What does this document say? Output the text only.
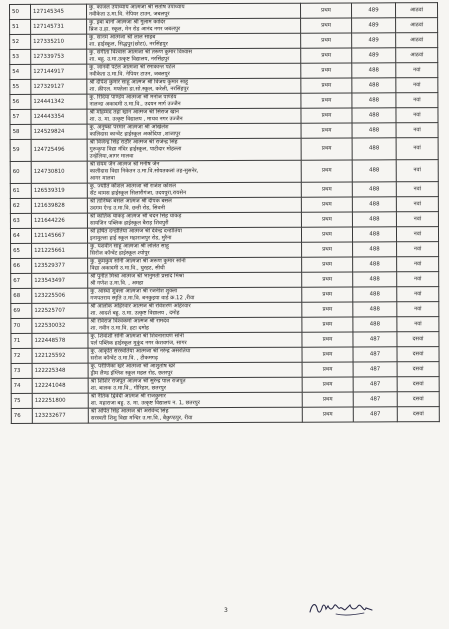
50	127145345	कु. काजल उपाध्याय आत्मजा श्री संतोष उपाध्याय
नवीकेता उ.मा.वि. नेपियर टाउन, जबलपुर	प्रथम	489	आठवां
51	127145731	कु. इबा बानो आत्मजा श्री गुलाम कादिर
ब्रिज उ.हा. स्कूल, मेन रोड आनंद नगर जबलपुर	प्रथम	489	आठवां
52	127335210	कु. सानम आत्मजा श्री लाल साहब
शा. हाईस्कूल, सिद्धपुर(छोटा), नरसिंहपुर	प्रथम	489	आठवां
53	127339753	कु. संगीता विश्वास आत्मजा श्री तरूण कुमार विश्वास
शा. बहु. उ.मा.उत्कृष्ट विद्यालय, नरसिंहपुर	प्रथम	489	आठवां
54	127144917	कु. जानवी पटेल आत्मजा श्री रमाकान्त पटेल
नवीकेता उ.मा.वि. नेपियर टाउन, जबलपुर	प्रथम	488	नवां
55	127329127	श्री दीपेश कुमार साहू आत्मज श्री विजय कुमार साहू
शा. क्रीएल. मफ्तेला डा.सो.स्कूल, करेली, नरसिंहपुर	प्रथम	488	नवां
56	124441342	कु. रिदिया पाण्डेय आत्मजा श्री मनोज पाण्डेय
नालन्दा अकादमी उ.मा.वि., उदयन मार्ग उज्जैन	प्रथम	488	नवां
57	124443354	श्री मोहम्मद तहा खान आत्मज श्री सिराज खान
शा. उ. मा. उत्कृष्ट विद्यालय , माधव नगर उज्जैन	प्रथम	488	नवां
58	124529824	कु. अनुष्का परमार आत्मजा श्री अखिलेश
कालिदास कान्वेंट हाईस्कूल अकोदिया ,शाजापुर	प्रथम	488	नवां
59	124725496	श्री विजेन्द्र सिंह राठौर आत्मज श्री राजेन्द्र सिंह
गुरूकृपा विद्या मंदिर हाईस्कूल, पाटीदार मोहल्ला
उन्हेलिया,आगर मालवा	प्रथम	488	नवां
60	124730810	श्री संयम जैन आत्मज श्री मनीष जैन
कालीदास विद्या निकेतन उ.मा.वि.सोयतकलां तह-सुसनेर,
आगर मालवा	प्रथम	488	नवां
61	126539319	कु. ज्योति कौशल आत्मजा श्री राजेश कौशल
सेंट थामस हाईस्कूल सिलारीगंजा, उदयपुरा,रायसेन	प्रथम	488	नवां
62	121639828	श्री तानिष्क बंसल आत्मज श्री दीपक बंसल
उदगम ऐन्ड उ.मा.वि. छत्ती रोड, सिवनी	प्रथम	488	नवां
63	121644226	श्री कार्तिक धाकड़ आत्मज श्री चंदन सिंह धाकड़
सायजिन पब्लिक हाईस्कूल बैराड़ शिवपुरी	प्रथम	488	नवां
64	121145667	श्री हर्षित दन्डोतिया आत्मज श्री देवेन्द्र दन्डोतिया
इनामुल्ला हाई स्कूल महाराजपुर रोड, मुरैना	प्रथम	488	नवां
65	121225661	कु. यशवीन साहू आत्मजा श्री ललित साहू
सिरोंज कॉन्वेंट हाईस्कूल श्योपुर	प्रथम	488	नवां
66	123529377	कु. कुमकुम सोनी आत्मजा श्री अरूण कुमार सोनी
विद्या अकादमी उ.मा.वि., धुरहट, सीधी	प्रथम	488	नवां
67	123543497	श्री पुनीत मिश्रा आत्मज श्री भानुमती प्रसाद मिश्रा
श्री गणेश उ.मा.वि. , अमहा	प्रथम	488	नवां
68	123225506	कु. आस्था शुक्ला आत्मजा श्री रजनीश शुक्ला
गणपतराय स्मृति उ.मा.वि. बनकुइया वार्ड क्र.12 ,रीवा	प्रथम	488	नवां
69	122525707	श्री आलोक अहिरवार आत्मज श्री रविशरण अहिरवार
शा. आदर्श बहु. उ.मा. उत्कृष्ट विद्यालय , दमोह	प्रथम	488	नवां
70	122530032	श्री रविराज विश्वकर्मा आत्मज श्री रामदेव
शा. नवीन उ.मा.वि. हटा दमोह	प्रथम	488	नवां
71	122448578	कु. शिवांशी सोनी आत्मजा श्री शिवनारायण सोनी
पर्ल पब्लिक हाईस्कूल मुकुंद नगर केशवगंज, सागर	प्रथम	487	दसवां
72	122125592	कु. आकृति सरस्वतिया आत्मजा श्री नरेन्द्र असरतिया
सरोज कॉन्वेंट उ.मा.वि. , टीकमगढ़	प्रथम	487	दसवां
73	122225348	कु. परीणिका खरे आत्मजा श्री आशुतोष खरे
ड्रीम लैण्ड इंग्लिश स्कूल महल रोड, छतरपुर	प्रथम	487	दसवां
74	122241048	श्री शिशिर राजपूत आत्मज श्री सुरेन्द्र पाल राजपूत
शा. बालक उ.मा.वि., गौरिहार, छतरपुर	प्रथम	487	दसवां
75	122251800	श्री नैतिक द्विवेदी आत्मज श्री राजकुमार
शा. महाराजा बहु. उ. मा. उत्कृष्ट विद्यालय न. 1, छतरपुर	प्रथम	487	दसवां
76	123232677	श्री अर्पित सिंह आत्मज श्री अरविन्द सिंह
सरस्वती शिशु विद्या मन्दिर उ.मा.वि., बैकुण्ठपुर, रीवा	प्रथम	487	दसवां
3
